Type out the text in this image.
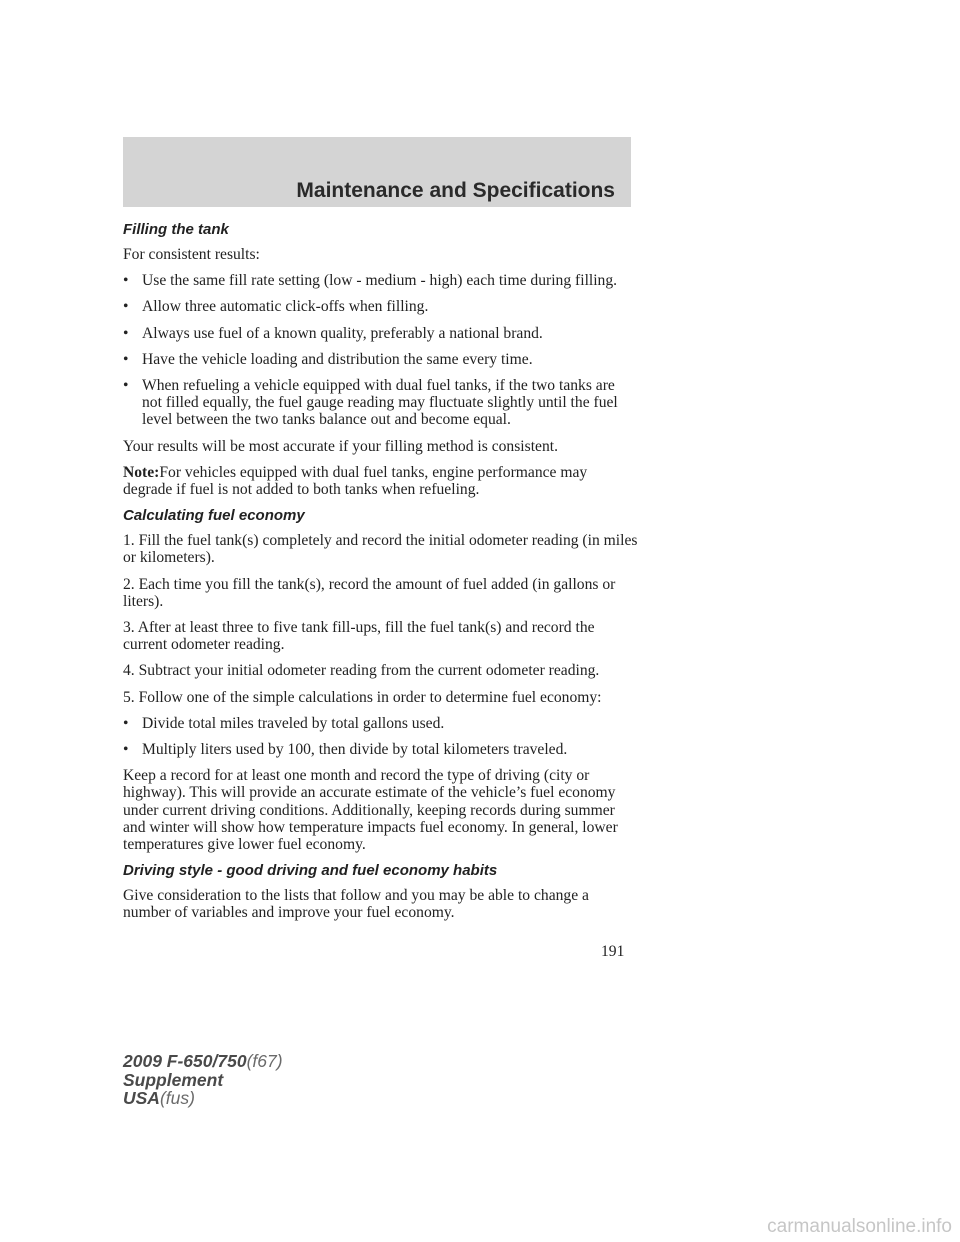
Maintenance and Specifications
Filling the tank

For consistent results:

• Use the same fill rate setting (low - medium - high) each time during filling.
• Allow three automatic click-offs when filling.
• Always use fuel of a known quality, preferably a national brand.
• Have the vehicle loading and distribution the same every time.
• When refueling a vehicle equipped with dual fuel tanks, if the two tanks are not filled equally, the fuel gauge reading may fluctuate slightly until the fuel level between the two tanks balance out and become equal.

Your results will be most accurate if your filling method is consistent.

Note:For vehicles equipped with dual fuel tanks, engine performance may degrade if fuel is not added to both tanks when refueling.

Calculating fuel economy

1. Fill the fuel tank(s) completely and record the initial odometer reading (in miles or kilometers).

2. Each time you fill the tank(s), record the amount of fuel added (in gallons or liters).

3. After at least three to five tank fill-ups, fill the fuel tank(s) and record the current odometer reading.

4. Subtract your initial odometer reading from the current odometer reading.

5. Follow one of the simple calculations in order to determine fuel economy:

• Divide total miles traveled by total gallons used.
• Multiply liters used by 100, then divide by total kilometers traveled.

Keep a record for at least one month and record the type of driving (city or highway). This will provide an accurate estimate of the vehicle’s fuel economy under current driving conditions. Additionally, keeping records during summer and winter will show how temperature impacts fuel economy. In general, lower temperatures give lower fuel economy.

Driving style - good driving and fuel economy habits

Give consideration to the lists that follow and you may be able to change a number of variables and improve your fuel economy.

191
2009 F-650/750(f67)
Supplement
USA(fus)
carmanualsonline.info
